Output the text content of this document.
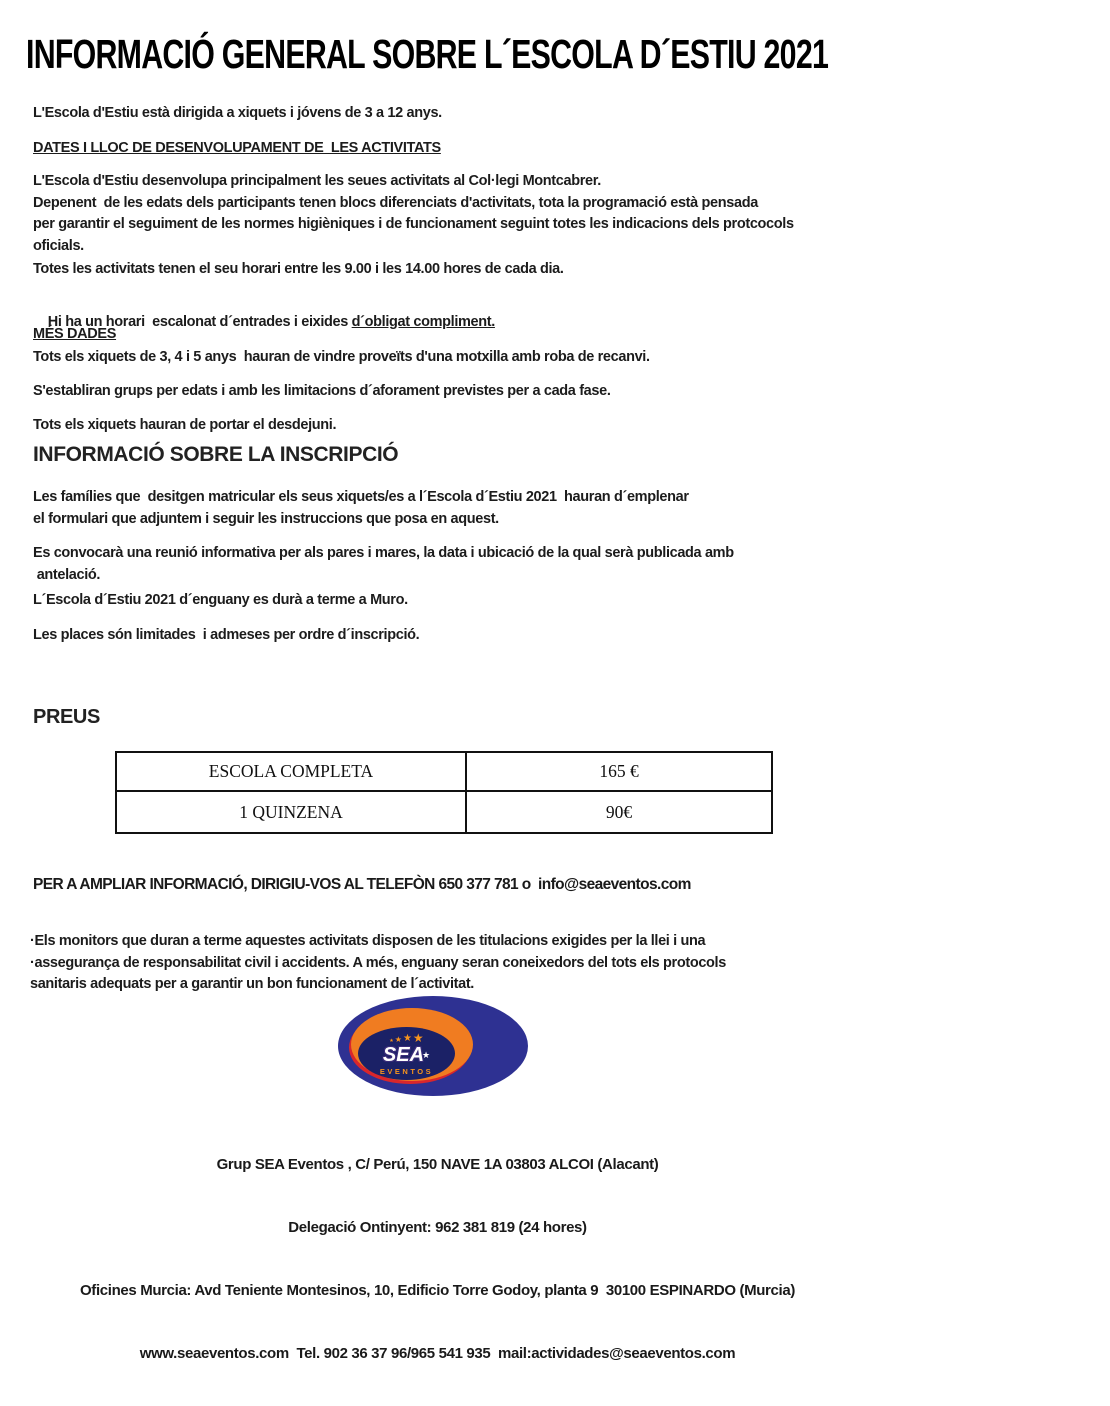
INFORMACIÓ GENERAL SOBRE L´ESCOLA D´ESTIU 2021
L'Escola d'Estiu està dirigida a xiquets i jóvens de 3 a 12 anys.
DATES I LLOC DE DESENVOLUPAMENT DE  LES ACTIVITATS
L'Escola d'Estiu desenvolupa principalment les seues activitats al Col·legi Montcabrer.
Depenent  de les edats dels participants tenen blocs diferenciats d'activitats, tota la programació està pensada
per garantir el seguiment de les normes higièniques i de funcionament seguint totes les indicacions dels protcocols
oficials.
Totes les activitats tenen el seu horari entre les 9.00 i les 14.00 hores de cada dia.

Hi ha un horari  escalonat d´entrades i eixides d´obligat compliment.

MÉS DADES
Tots els xiquets de 3, 4 i 5 anys  hauran de vindre proveïts d'una motxilla amb roba de recanvi.
S'establiran grups per edats i amb les limitacions d´aforament previstes per a cada fase.
Tots els xiquets hauran de portar el desdejuni.
INFORMACIÓ SOBRE LA INSCRIPCIÓ
Les famílies que  desitgen matricular els seus xiquets/es a l´Escola d´Estiu 2021  hauran d´emplenar
el formulari que adjuntem i seguir les instruccions que posa en aquest.
Es convocarà una reunió informativa per als pares i mares, la data i ubicació de la qual serà publicada amb
antelació.
L´Escola d´Estiu 2021 d´enguany es durà a terme a Muro.
Les places són limitades  i admeses per ordre d´inscripció.
PREUS
ESCOLA COMPLETA	165 €
1 QUINZENA	90€
PER A AMPLIAR INFORMACIÓ, DIRIGIU-VOS AL TELEFÒN 650 377 781 o  info@seaeventos.com
·Els monitors que duran a terme aquestes activitats disposen de les titulacions exigides per la llei i una
·assegurança de responsabilitat civil i accidents. A més, enguany seran coneixedors del tots els protocols
sanitaris adequats per a garantir un bon funcionament de l´activitat.
★ ★ ★ ★
SEA
★
EVENTOS

Grup SEA Eventos , C/ Perú, 150 NAVE 1A 03803 ALCOI (Alacant)

Delegació Ontinyent: 962 381 819 (24 hores)

Oficines Murcia: Avd Teniente Montesinos, 10, Edificio Torre Godoy, planta 9  30100 ESPINARDO (Murcia)

www.seaeventos.com  Tel. 902 36 37 96/965 541 935  mail:actividades@seaeventos.com
